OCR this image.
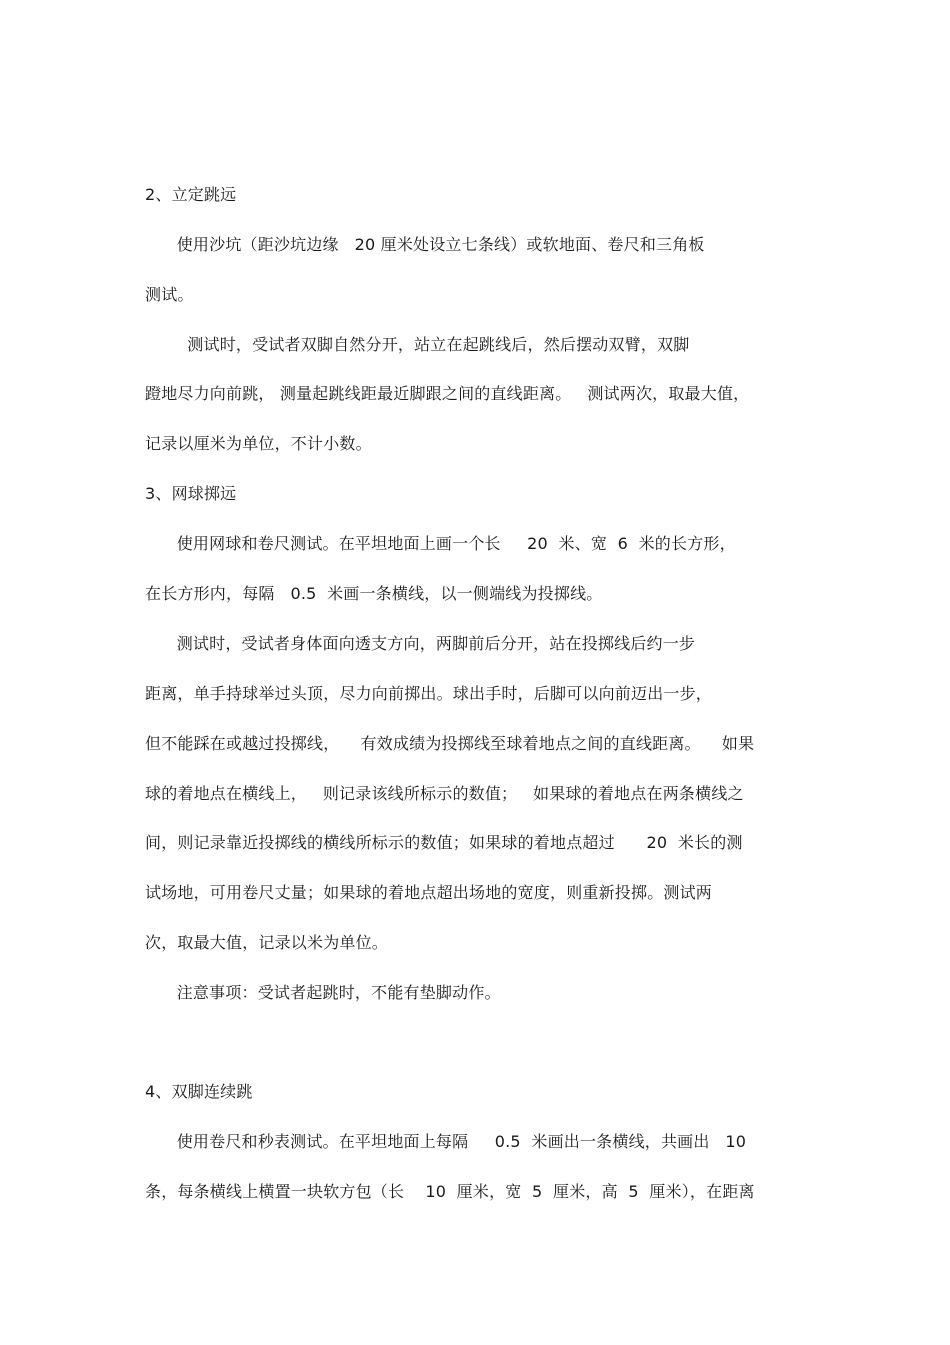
2、立定跳远
使用沙坑（距沙坑边缘   20 厘米处设立七条线）或软地面、卷尺和三角板
测试。
测试时，受试者双脚自然分开，站立在起跳线后，然后摆动双臂，双脚
蹬地尽力向前跳， 测量起跳线距最近脚跟之间的直线距离。   测试两次，取最大值，
记录以厘米为单位，不计小数。
3、网球掷远
使用网球和卷尺测试。在平坦地面上画一个长     20  米、宽  6  米的长方形，
在长方形内，每隔   0.5  米画一条横线，以一侧端线为投掷线。
测试时，受试者身体面向透支方向，两脚前后分开，站在投掷线后约一步
距离，单手持球举过头顶，尽力向前掷出。球出手时，后脚可以向前迈出一步，
但不能踩在或越过投掷线，    有效成绩为投掷线至球着地点之间的直线距离。    如果
球的着地点在横线上，   则记录该线所标示的数值；   如果球的着地点在两条横线之
间，则记录靠近投掷线的横线所标示的数值；如果球的着地点超过      20  米长的测
试场地，可用卷尺丈量；如果球的着地点超出场地的宽度，则重新投掷。测试两
次，取最大值，记录以米为单位。
注意事项：受试者起跳时，不能有垫脚动作。
4、双脚连续跳
使用卷尺和秒表测试。在平坦地面上每隔     0.5  米画出一条横线，共画出   10
条，每条横线上横置一块软方包（长    10  厘米，宽  5  厘米，高  5  厘米），在距离
